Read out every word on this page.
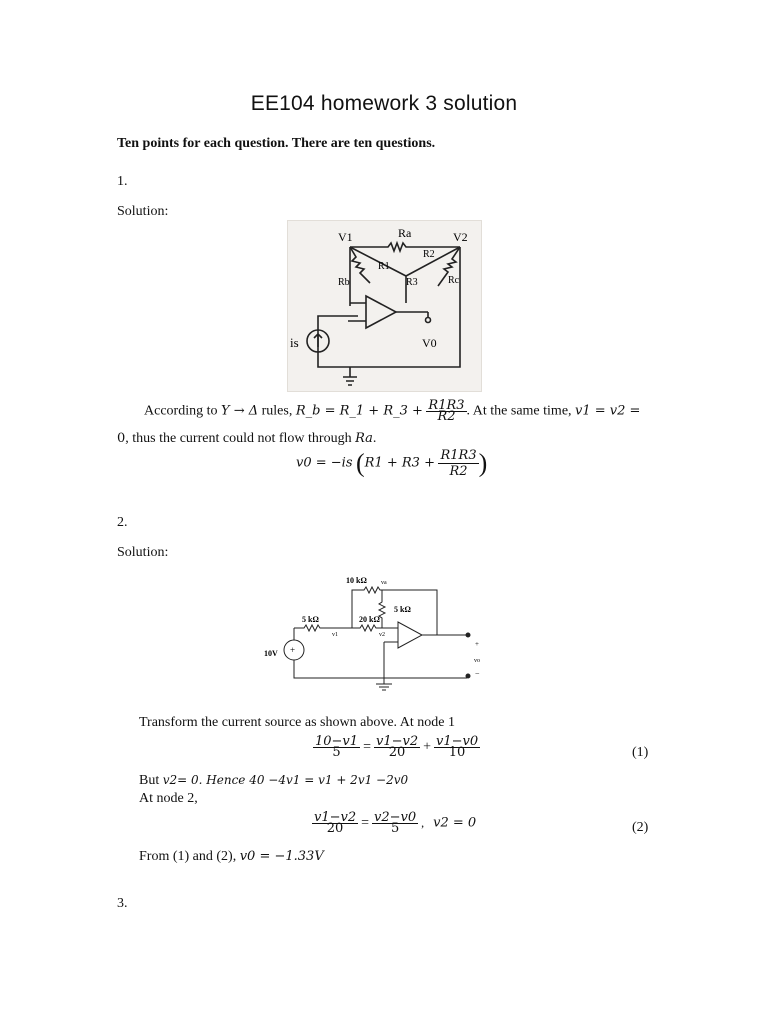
EE104 homework 3 solution
Ten points for each question. There are ten questions.
1.
Solution:
V1	Ra	V2
Rb
R1
R2
R3	Rc
is	V0
According to Y → Δ rules, R_b = R_1 + R_3 + $\frac{R1R3}{R2}$ . At the same time, v1 = v2 =
0, thus the current could not flow through Ra.
v0 = −is ($R1 + R3 + \frac{R1R3}{R2}$ )
2.
Solution:
+
10 kΩ va
5 kΩ
5 kΩ	20 kΩ
v1	v2
10V
+
vo
−
Transform the current source as shown above. At node 1
$\frac{10-v1}{5} = \frac{v1-v2}{20} + \frac{v1-v0}{10}$	(1)
But v2= 0. Hence 40 −4v1 = v1 + 2v1 −2v0
At node 2,
$\frac{v1-v2}{20} = \frac{v2-v0}{5}$ ,   v2 = 0	(2)
From (1) and (2), v0 = −1.33V
3.
